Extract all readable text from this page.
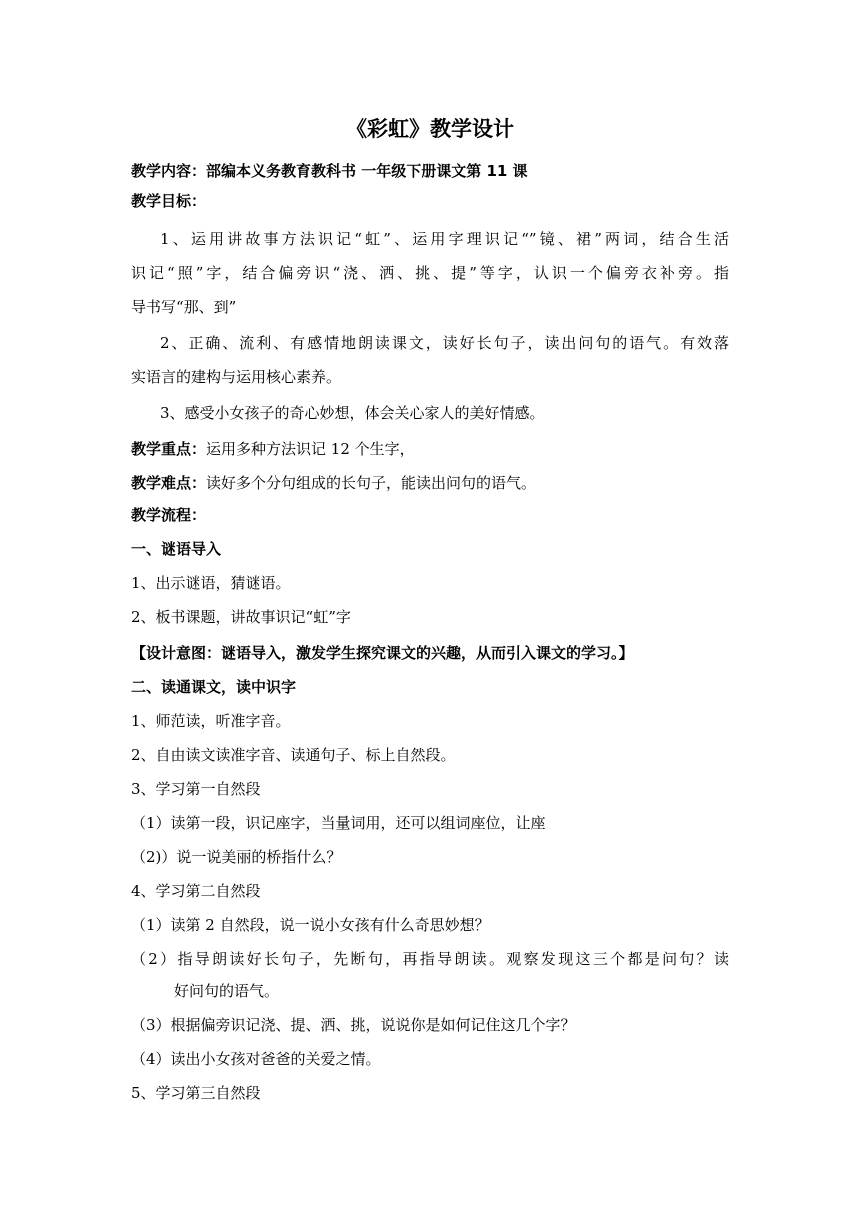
《彩虹》教学设计
教学内容：部编本义务教育教科书 一年级下册课文第 11 课
教学目标：
1、运用讲故事方法识记“虹”、运用字理识记“”镜、裙”两词，结合生活
识记“照”字，结合偏旁识“浇、洒、挑、提”等字，认识一个偏旁衣补旁。指
导书写“那、到”
2、正确、流利、有感情地朗读课文，读好长句子，读出问句的语气。有效落
实语言的建构与运用核心素养。
3、感受小女孩子的奇心妙想，体会关心家人的美好情感。
教学重点：运用多种方法识记 12 个生字，
教学难点：读好多个分句组成的长句子，能读出问句的语气。
教学流程：
一、谜语导入
1、出示谜语，猜谜语。
2、板书课题，讲故事识记“虹”字
【设计意图：谜语导入，激发学生探究课文的兴趣，从而引入课文的学习。】
二、读通课文，读中识字
1、师范读，听准字音。
2、自由读文读准字音、读通句子、标上自然段。
3、学习第一自然段
（1）读第一段，识记座字，当量词用，还可以组词座位，让座
（2)）说一说美丽的桥指什么？
4、学习第二自然段
（1）读第 2 自然段，说一说小女孩有什么奇思妙想？
（2）指导朗读好长句子，先断句，再指导朗读。观察发现这三个都是问句？读
好问句的语气。
（3）根据偏旁识记浇、提、洒、挑，说说你是如何记住这几个字？
（4）读出小女孩对爸爸的关爱之情。
5、学习第三自然段
